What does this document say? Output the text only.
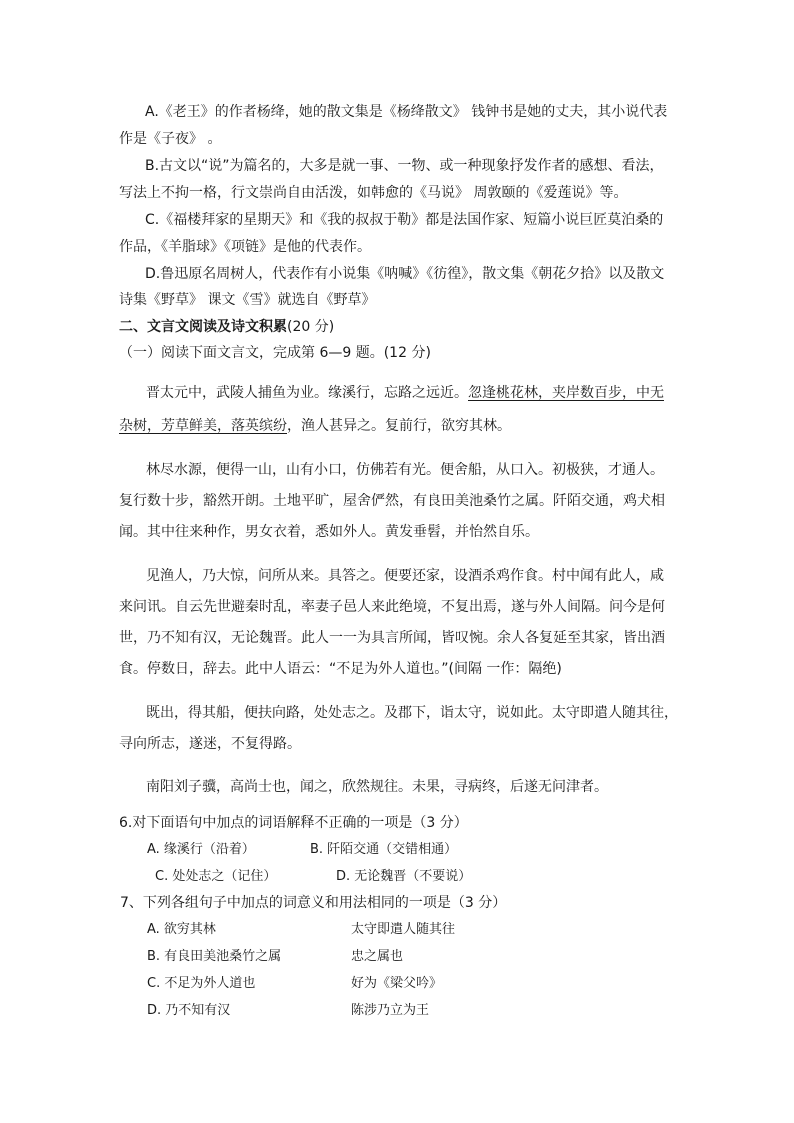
A.《老王》的作者杨绛，她的散文集是《杨绛散文》 钱钟书是她的丈夫，其小说代表
作是《子夜》 。
B.古文以“说”为篇名的，大多是就一事、一物、或一种现象抒发作者的感想、看法，
写法上不拘一格，行文崇尚自由活泼，如韩愈的《马说》 周敦颐的《爱莲说》等。
C.《福楼拜家的星期天》和《我的叔叔于勒》都是法国作家、短篇小说巨匠莫泊桑的
作品，《羊脂球》《项链》是他的代表作。
D.鲁迅原名周树人，代表作有小说集《呐喊》《彷徨》，散文集《朝花夕拾》以及散文
诗集《野草》 课文《雪》就选自《野草》
二、文言文阅读及诗文积累(20 分)
（一）阅读下面文言文，完成第 6—9 题。(12 分)
晋太元中，武陵人捕鱼为业。缘溪行，忘路之远近。忽逢桃花林，夹岸数百步，中无
杂树，芳草鲜美，落英缤纷，渔人甚异之。复前行，欲穷其林。
林尽水源，便得一山，山有小口，仿佛若有光。便舍船，从口入。初极狭，才通人。
复行数十步，豁然开朗。土地平旷，屋舍俨然，有良田美池桑竹之属。阡陌交通，鸡犬相
闻。其中往来种作，男女衣着，悉如外人。黄发垂髫，并怡然自乐。
见渔人，乃大惊，问所从来。具答之。便要还家，设酒杀鸡作食。村中闻有此人，咸
来问讯。自云先世避秦时乱，率妻子邑人来此绝境，不复出焉，遂与外人间隔。问今是何
世，乃不知有汉，无论魏晋。此人一一为具言所闻，皆叹惋。余人各复延至其家，皆出酒
食。停数日，辞去。此中人语云：“不足为外人道也。”(间隔 一作：隔绝)
既出，得其船，便扶向路，处处志之。及郡下，诣太守，说如此。太守即遣人随其往，
寻向所志，遂迷，不复得路。
南阳刘子骥，高尚士也，闻之，欣然规往。未果，寻病终，后遂无问津者。
6.对下面语句中加点的词语解释不正确的一项是（3 分）
A. 缘溪行（沿着）	B. 阡陌交通（交错相通）
C. 处处志之（记住）	D. 无论魏晋（不要说）
7、下列各组句子中加点的词意义和用法相同的一项是（3 分）
A. 欲穷其林	太守即遣人随其往
B. 有良田美池桑竹之属	忠之属也
C. 不足为外人道也	好为《梁父吟》
D. 乃不知有汉	陈涉乃立为王
